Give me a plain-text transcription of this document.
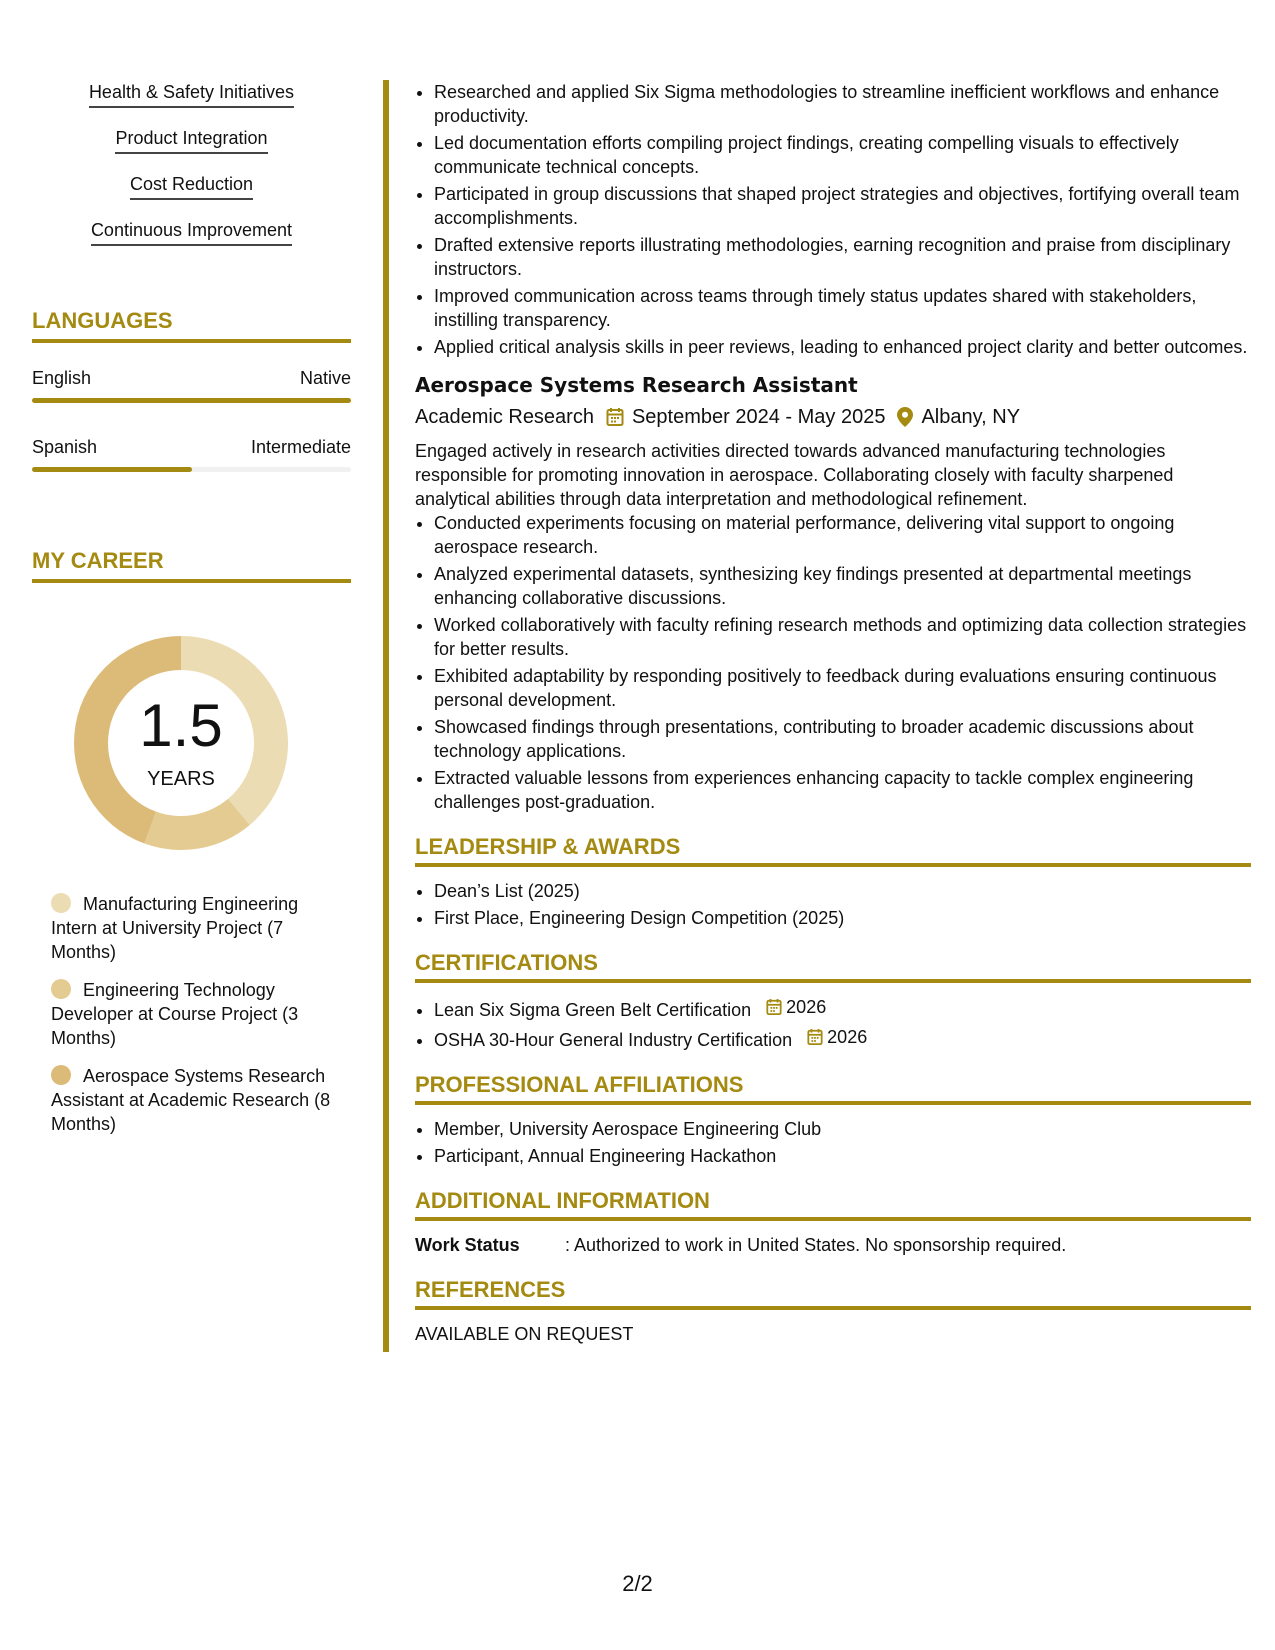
Health & Safety Initiatives
Product Integration
Cost Reduction
Continuous Improvement
LANGUAGES
English	Native
Spanish	Intermediate
MY CAREER
1.5
YEARS
Manufacturing Engineering Intern at University Project (7 Months)
Engineering Technology Developer at Course Project (3 Months)
Aerospace Systems Research Assistant at Academic Research (8 Months)
• Researched and applied Six Sigma methodologies to streamline inefficient workflows and enhance productivity.
• Led documentation efforts compiling project findings, creating compelling visuals to effectively communicate technical concepts.
• Participated in group discussions that shaped project strategies and objectives, fortifying overall team accomplishments.
• Drafted extensive reports illustrating methodologies, earning recognition and praise from disciplinary instructors.
• Improved communication across teams through timely status updates shared with stakeholders, instilling transparency.
• Applied critical analysis skills in peer reviews, leading to enhanced project clarity and better outcomes.
Aerospace Systems Research Assistant
Academic Research September 2024 - May 2025 Albany, NY
Engaged actively in research activities directed towards advanced manufacturing technologies responsible for promoting innovation in aerospace. Collaborating closely with faculty sharpened analytical abilities through data interpretation and methodological refinement.
• Conducted experiments focusing on material performance, delivering vital support to ongoing aerospace research.
• Analyzed experimental datasets, synthesizing key findings presented at departmental meetings enhancing collaborative discussions.
• Worked collaboratively with faculty refining research methods and optimizing data collection strategies for better results.
• Exhibited adaptability by responding positively to feedback during evaluations ensuring continuous personal development.
• Showcased findings through presentations, contributing to broader academic discussions about technology applications.
• Extracted valuable lessons from experiences enhancing capacity to tackle complex engineering challenges post-graduation.
LEADERSHIP & AWARDS
• Dean’s List (2025)
• First Place, Engineering Design Competition (2025)
CERTIFICATIONS
• Lean Six Sigma Green Belt Certification 2026
• OSHA 30-Hour General Industry Certification 2026
PROFESSIONAL AFFILIATIONS
• Member, University Aerospace Engineering Club
• Participant, Annual Engineering Hackathon
ADDITIONAL INFORMATION
Work Status	: Authorized to work in United States. No sponsorship required.
REFERENCES
AVAILABLE ON REQUEST
2/2
